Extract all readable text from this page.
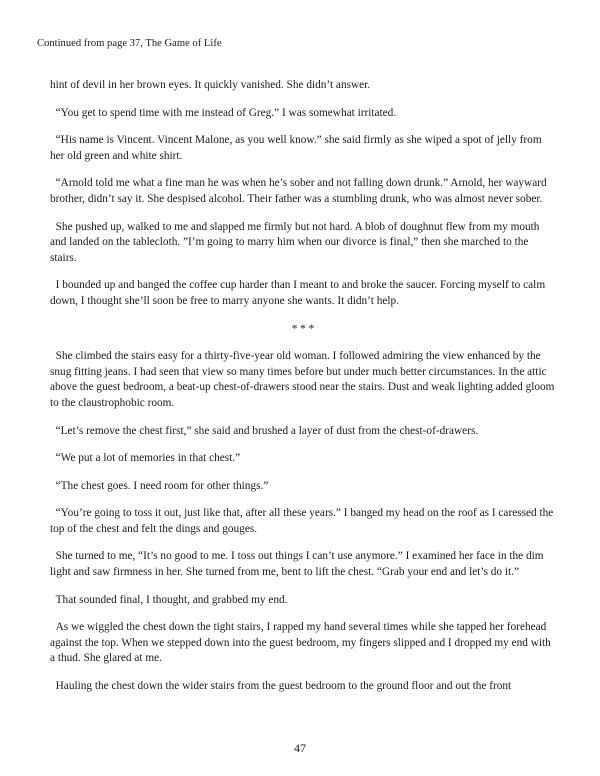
Continued from page 37, The Game of Life

hint of devil in her brown eyes. It quickly vanished. She didn’t answer.

“You get to spend time with me instead of Greg.” I was somewhat irritated.

“His name is Vincent. Vincent Malone, as you well know.” she said firmly as she wiped a spot of jelly from her old green and white shirt.

“Arnold told me what a fine man he was when he’s sober and not falling down drunk.” Arnold, her wayward brother, didn’t say it. She despised alcohol. Their father was a stumbling drunk, who was almost never sober.

She pushed up, walked to me and slapped me firmly but not hard. A blob of doughnut flew from my mouth and landed on the tablecloth. ”I’m going to marry him when our divorce is final,” then she marched to the stairs.

I bounded up and banged the coffee cup harder than I meant to and broke the saucer. Forcing myself to calm down, I thought she’ll soon be free to marry anyone she wants. It didn’t help.

* * *

She climbed the stairs easy for a thirty-five-year old woman. I followed admiring the view enhanced by the snug fitting jeans. I had seen that view so many times before but under much better circumstances. In the attic above the guest bedroom, a beat-up chest-of-drawers stood near the stairs. Dust and weak lighting added gloom to the claustrophobic room.

“Let’s remove the chest first,” she said and brushed a layer of dust from the chest-of-drawers.

“We put a lot of memories in that chest.”

“The chest goes. I need room for other things.”

“You’re going to toss it out, just like that, after all these years.” I banged my head on the roof as I caressed the top of the chest and felt the dings and gouges.

She turned to me, “It’s no good to me. I toss out things I can’t use anymore.” I examined her face in the dim light and saw firmness in her. She turned from me, bent to lift the chest. “Grab your end and let’s do it.”

That sounded final, I thought, and grabbed my end.

As we wiggled the chest down the tight stairs, I rapped my hand several times while she tapped her forehead against the top. When we stepped down into the guest bedroom, my fingers slipped and I dropped my end with a thud. She glared at me.

Hauling the chest down the wider stairs from the guest bedroom to the ground floor and out the front

47
